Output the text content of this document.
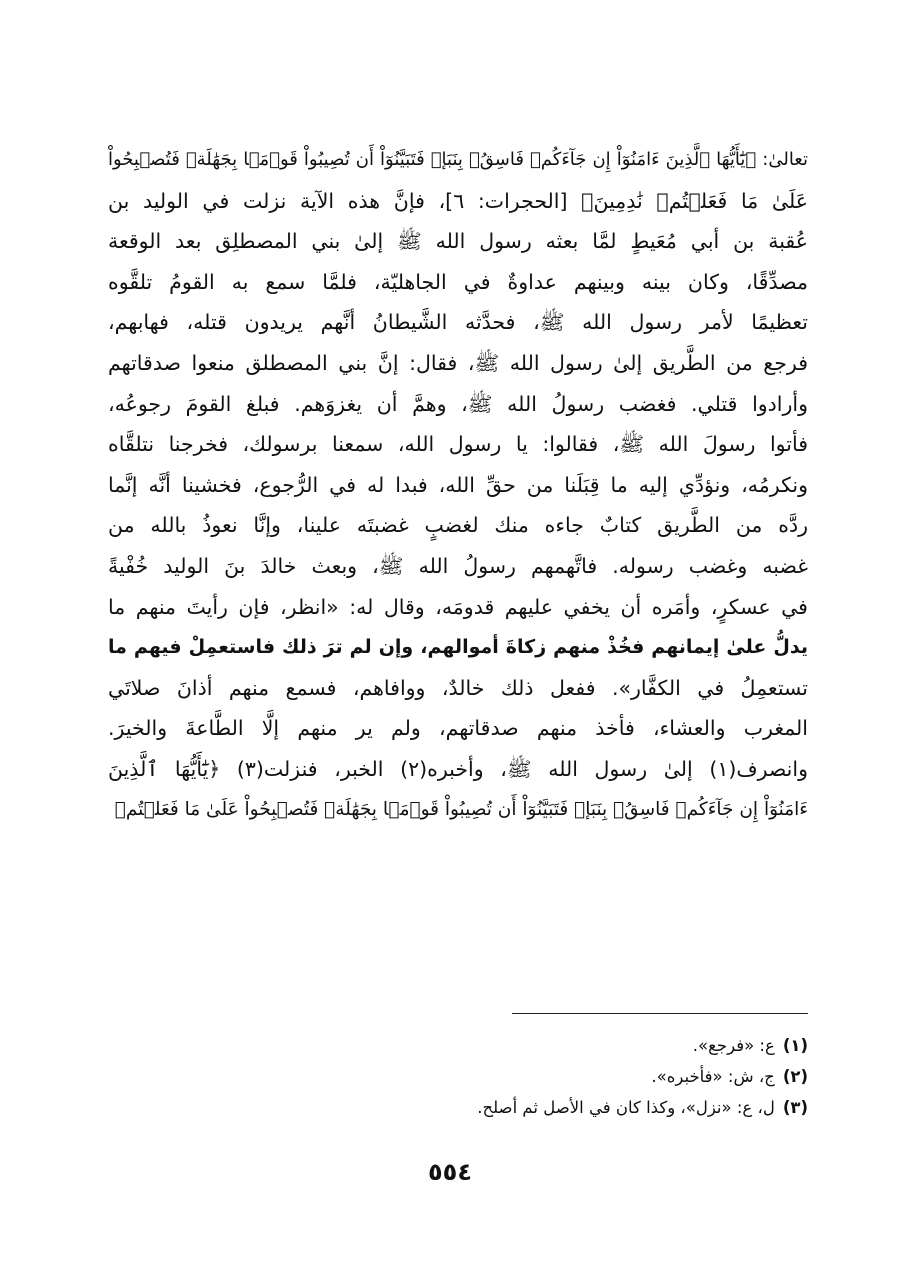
تعالىٰ: ﴿يَٰٓأَيُّهَا ٱلَّذِينَ ءَامَنُوٓاْ إِن جَآءَكُمۡ فَاسِقُۢ بِنَبَإٖ فَتَبَيَّنُوٓاْ أَن تُصِيبُواْ قَوۡمَۢا بِجَهَٰلَةٖ فَتُصۡبِحُواْ
عَلَىٰ مَا فَعَلۡتُمۡ نَٰدِمِينَ﴾ [الحجرات: ٦]، فإنَّ هذه الآية نزلت في الوليد بن
عُقبة بن أبي مُعَيطٍ لمَّا بعثه رسول الله ﷺ إلىٰ بني المصطلِق بعد الوقعة
مصدِّقًا، وكان بينه وبينهم عداوةٌ في الجاهليّة، فلمَّا سمع به القومُ تلقَّوه
تعظيمًا لأمر رسول الله ﷺ، فحدَّثه الشَّيطانُ أنَّهم يريدون قتله، فهابهم،
فرجع من الطَّريق إلىٰ رسول الله ﷺ، فقال: إنَّ بني المصطلق منعوا صدقاتهم
وأرادوا قتلي. فغضب رسولُ الله ﷺ، وهمَّ أن يغزوَهم. فبلغ القومَ رجوعُه،
فأتوا رسولَ الله ﷺ، فقالوا: يا رسول الله، سمعنا برسولك، فخرجنا نتلقَّاه
ونكرمُه، ونؤدِّي إليه ما قِبَلَنا من حقِّ الله، فبدا له في الرُّجوع، فخشينا أنَّه إنَّما
ردَّه من الطَّريق كتابٌ جاءه منك لغضبٍ غضبتَه علينا، وإنَّا نعوذُ بالله من
غضبه وغضب رسوله. فاتَّهمهم رسولُ الله ﷺ، وبعث خالدَ بنَ الوليد خُفْيةً
في عسكرٍ، وأمَره أن يخفي عليهم قدومَه، وقال له: «انظر، فإن رأيتَ منهم ما
يدلُّ علىٰ إيمانهم فخُذْ منهم زكاةَ أموالهم، وإن لم ترَ ذلك فاستعمِلْ فيهم ما
تستعمِلُ في الكفَّار». ففعل ذلك خالدٌ، ووافاهم، فسمع منهم أذانَ صلاتَي
المغرب والعشاء، فأخذ منهم صدقاتهم، ولم ير منهم إلَّا الطَّاعةَ والخيرَ.
وانصرف(١) إلىٰ رسول الله ﷺ، وأخبره(٢) الخبر، فنزلت(٣) ﴿يَٰٓأَيُّهَا ٱلَّذِينَ
ءَامَنُوٓاْ إِن جَآءَكُمۡ فَاسِقُۢ بِنَبَإٖ فَتَبَيَّنُوٓاْ أَن تُصِيبُواْ قَوۡمَۢا بِجَهَٰلَةٖ فَتُصۡبِحُواْ عَلَىٰ مَا فَعَلۡتُمۡ
(١)ع: «فرجع».
(٢)ج، ش: «فأخبره».
(٣)ل، ع: «نزل»، وكذا كان في الأصل ثم أصلح.
٥٥٤
